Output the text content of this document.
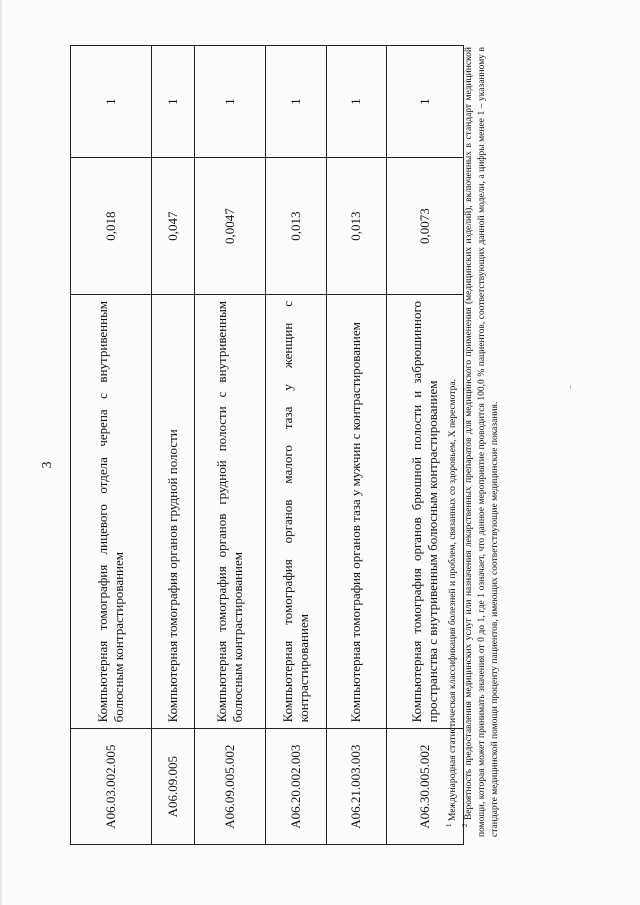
3
A06.03.002.005	Компьютерная томография лицевого отдела черепа с внутривенным болюсным контрастированием	0,018	1
A06.09.005	Компьютерная томография органов грудной полости	0,047	1
A06.09.005.002	Компьютерная томография органов грудной полости с внутривенным болюсным контрастированием	0,0047	1
A06.20.002.003	Компьютерная томография органов малого таза у женщин с контрастированием	0,013	1
A06.21.003.003	Компьютерная томография органов таза у мужчин с контрастированием	0,013	1
A06.30.005.002	Компьютерная томография органов брюшной полости и забрюшинного пространства с внутривенным болюсным контрастированием	0,0073	1

$^1$ Международная статистическая классификация болезней и проблем, связанных со здоровьем, X пересмотра.

$^2$ Вероятность предоставления медицинских услуг или назначения лекарственных препаратов для медицинского применения (медицинских изделий), включенных в стандарт медицинской помощи, которая может принимать значения от 0 до 1, где 1 означает, что данное мероприятие проводится 100,0 % пациентов, соответствующих данной модели, а цифры менее 1 – указанному в стандарте медицинской помощи проценту пациентов, имеющих соответствующие медицинские показания.
